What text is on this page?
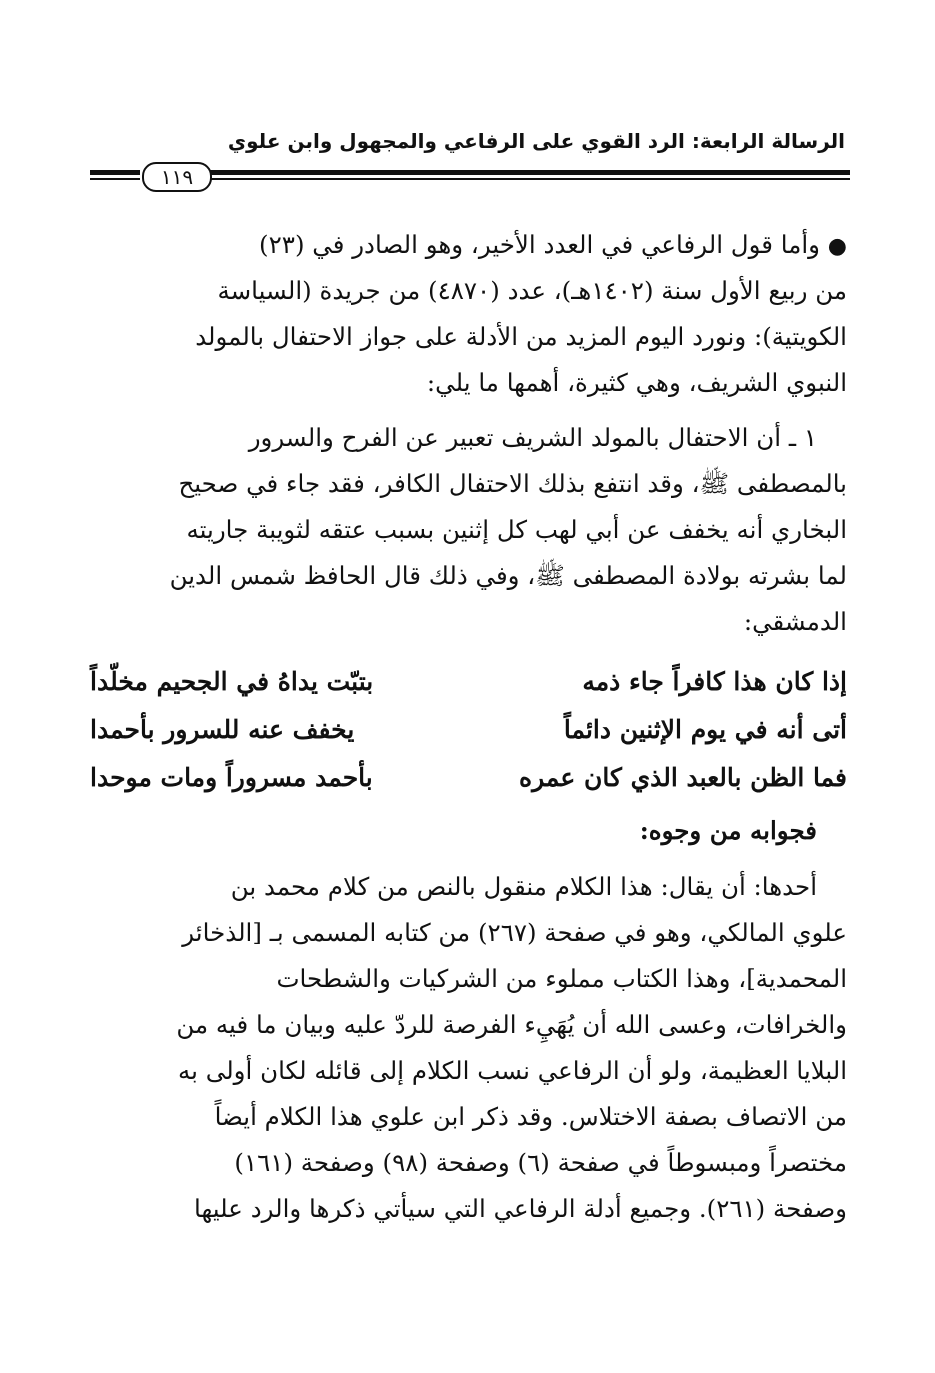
الرسالة الرابعة: الرد القوي على الرفاعي والمجهول وابن علوي
١١٩
● وأما قول الرفاعي في العدد الأخير، وهو الصادر في (٢٣)
من ربيع الأول سنة (١٤٠٢هـ)، عدد (٤٨٧٠) من جريدة (السياسة
الكويتية): ونورد اليوم المزيد من الأدلة على جواز الاحتفال بالمولد
النبوي الشريف، وهي كثيرة، أهمها ما يلي:
١ ـ أن الاحتفال بالمولد الشريف تعبير عن الفرح والسرور
بالمصطفى ﷺ، وقد انتفع بذلك الاحتفال الكافر، فقد جاء في صحيح
البخاري أنه يخفف عن أبي لهب كل إثنين بسبب عتقه لثويبة جاريته
لما بشرته بولادة المصطفى ﷺ، وفي ذلك قال الحافظ شمس الدين
الدمشقي:
إذا كان هذا كافراً جاء ذمه
بتبّت يداهُ في الجحيم مخلّداً
أتى أنه في يوم الإثنين دائماً
يخفف عنه للسرور بأحمدا
فما الظن بالعبد الذي كان عمره
بأحمد مسروراً ومات موحدا
فجوابه من وجوه:
أحدها: أن يقال: هذا الكلام منقول بالنص من كلام محمد بن
علوي المالكي، وهو في صفحة (٢٦٧) من كتابه المسمى بـ [الذخائر
المحمدية]، وهذا الكتاب مملوء من الشركيات والشطحات
والخرافات، وعسى الله أن يُهَيِء الفرصة للردّ عليه وبيان ما فيه من
البلايا العظيمة، ولو أن الرفاعي نسب الكلام إلى قائله لكان أولى به
من الاتصاف بصفة الاختلاس. وقد ذكر ابن علوي هذا الكلام أيضاً
مختصراً ومبسوطاً في صفحة (٦) وصفحة (٩٨) وصفحة (١٦١)
وصفحة (٢٦١). وجميع أدلة الرفاعي التي سيأتي ذكرها والرد عليها
